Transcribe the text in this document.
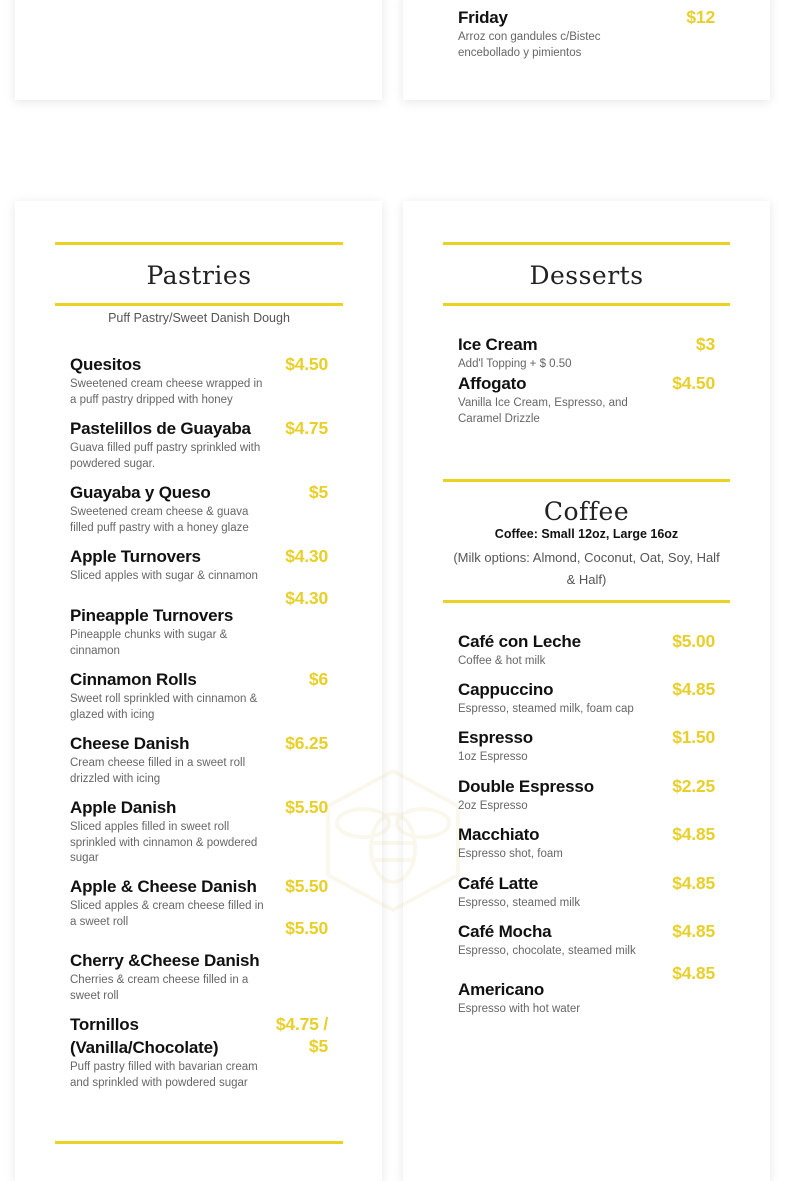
Friday
Arroz con gandules c/Bistec encebollado y pimientos
$12
Pastries
Puff Pastry/Sweet Danish Dough
Quesitos
Sweetened cream cheese wrapped in a puff pastry dripped with honey
$4.50
Pastelillos de Guayaba
Guava filled puff pastry sprinkled with powdered sugar.
$4.75
Guayaba y Queso
Sweetened cream cheese & guava filled puff pastry with a honey glaze
$5
Apple Turnovers
Sliced apples with sugar & cinnamon
$4.30
$4.30
Pineapple Turnovers
Pineapple chunks with sugar & cinnamon
Cinnamon Rolls
Sweet roll sprinkled with cinnamon & glazed with icing
$6
Cheese Danish
Cream cheese filled in a sweet roll drizzled with icing
$6.25
Apple Danish
Sliced apples filled in sweet roll sprinkled with cinnamon & powdered sugar
$5.50
Apple & Cheese Danish
Sliced apples & cream cheese filled in a sweet roll
$5.50
$5.50
Cherry &Cheese Danish
Cherries & cream cheese filled in a sweet roll
Tornillos (Vanilla/Chocolate)
Puff pastry filled with bavarian cream and sprinkled with powdered sugar
$4.75 / $5
Desserts
Ice Cream
Add'l Topping + $ 0.50
$3
Affogato
Vanilla Ice Cream, Espresso, and Caramel Drizzle
$4.50
Coffee
Coffee: Small 12oz, Large 16oz
(Milk options: Almond, Coconut, Oat, Soy, Half & Half)
Café con Leche
Coffee & hot milk
$5.00
Cappuccino
Espresso, steamed milk, foam cap
$4.85
Espresso
1oz Espresso
$1.50
Double Espresso
2oz Espresso
$2.25
Macchiato
Espresso shot, foam
$4.85
Café Latte
Espresso, steamed milk
$4.85
Café Mocha
Espresso, chocolate, steamed milk
$4.85
$4.85
Americano
Espresso with hot water
